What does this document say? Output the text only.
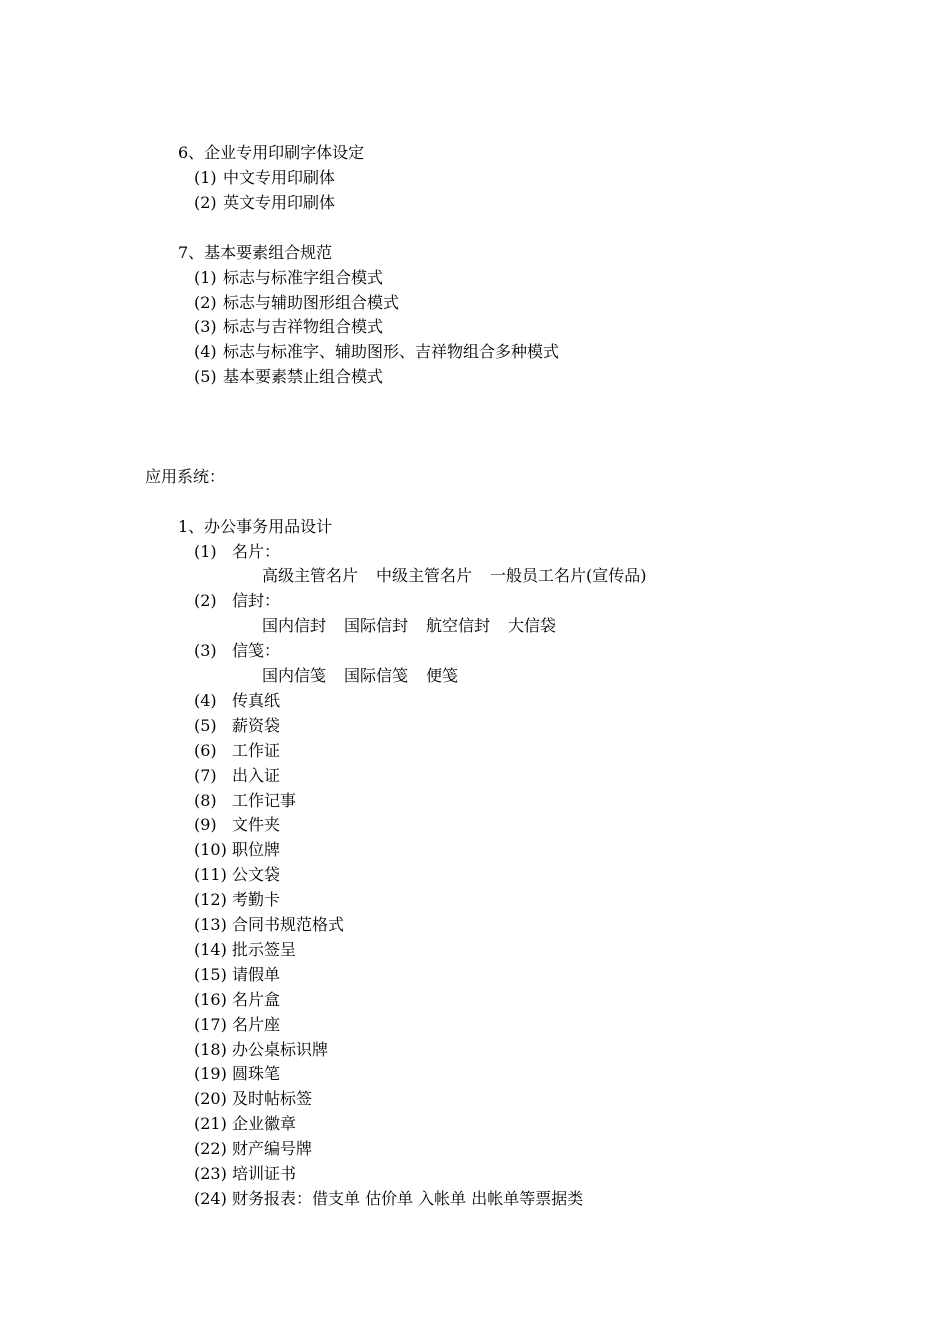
6、企业专用印刷字体设定
(1) 中文专用印刷体
(2) 英文专用印刷体
7、基本要素组合规范
(1) 标志与标准字组合模式
(2) 标志与辅助图形组合模式
(3) 标志与吉祥物组合模式
(4) 标志与标准字、辅助图形、吉祥物组合多种模式
(5) 基本要素禁止组合模式
应用系统：
1、办公事务用品设计
(1) 名片：
高级主管名片 中级主管名片 一般员工名片(宣传品)
(2) 信封：
国内信封 国际信封 航空信封 大信袋
(3) 信笺：
国内信笺 国际信笺 便笺
(4) 传真纸
(5) 薪资袋
(6) 工作证
(7) 出入证
(8) 工作记事
(9) 文件夹
(10) 职位牌
(11) 公文袋
(12) 考勤卡
(13) 合同书规范格式
(14) 批示签呈
(15) 请假单
(16) 名片盒
(17) 名片座
(18) 办公桌标识牌
(19) 圆珠笔
(20) 及时帖标签
(21) 企业徽章
(22) 财产编号牌
(23) 培训证书
(24) 财务报表：借支单 估价单 入帐单 出帐单等票据类
